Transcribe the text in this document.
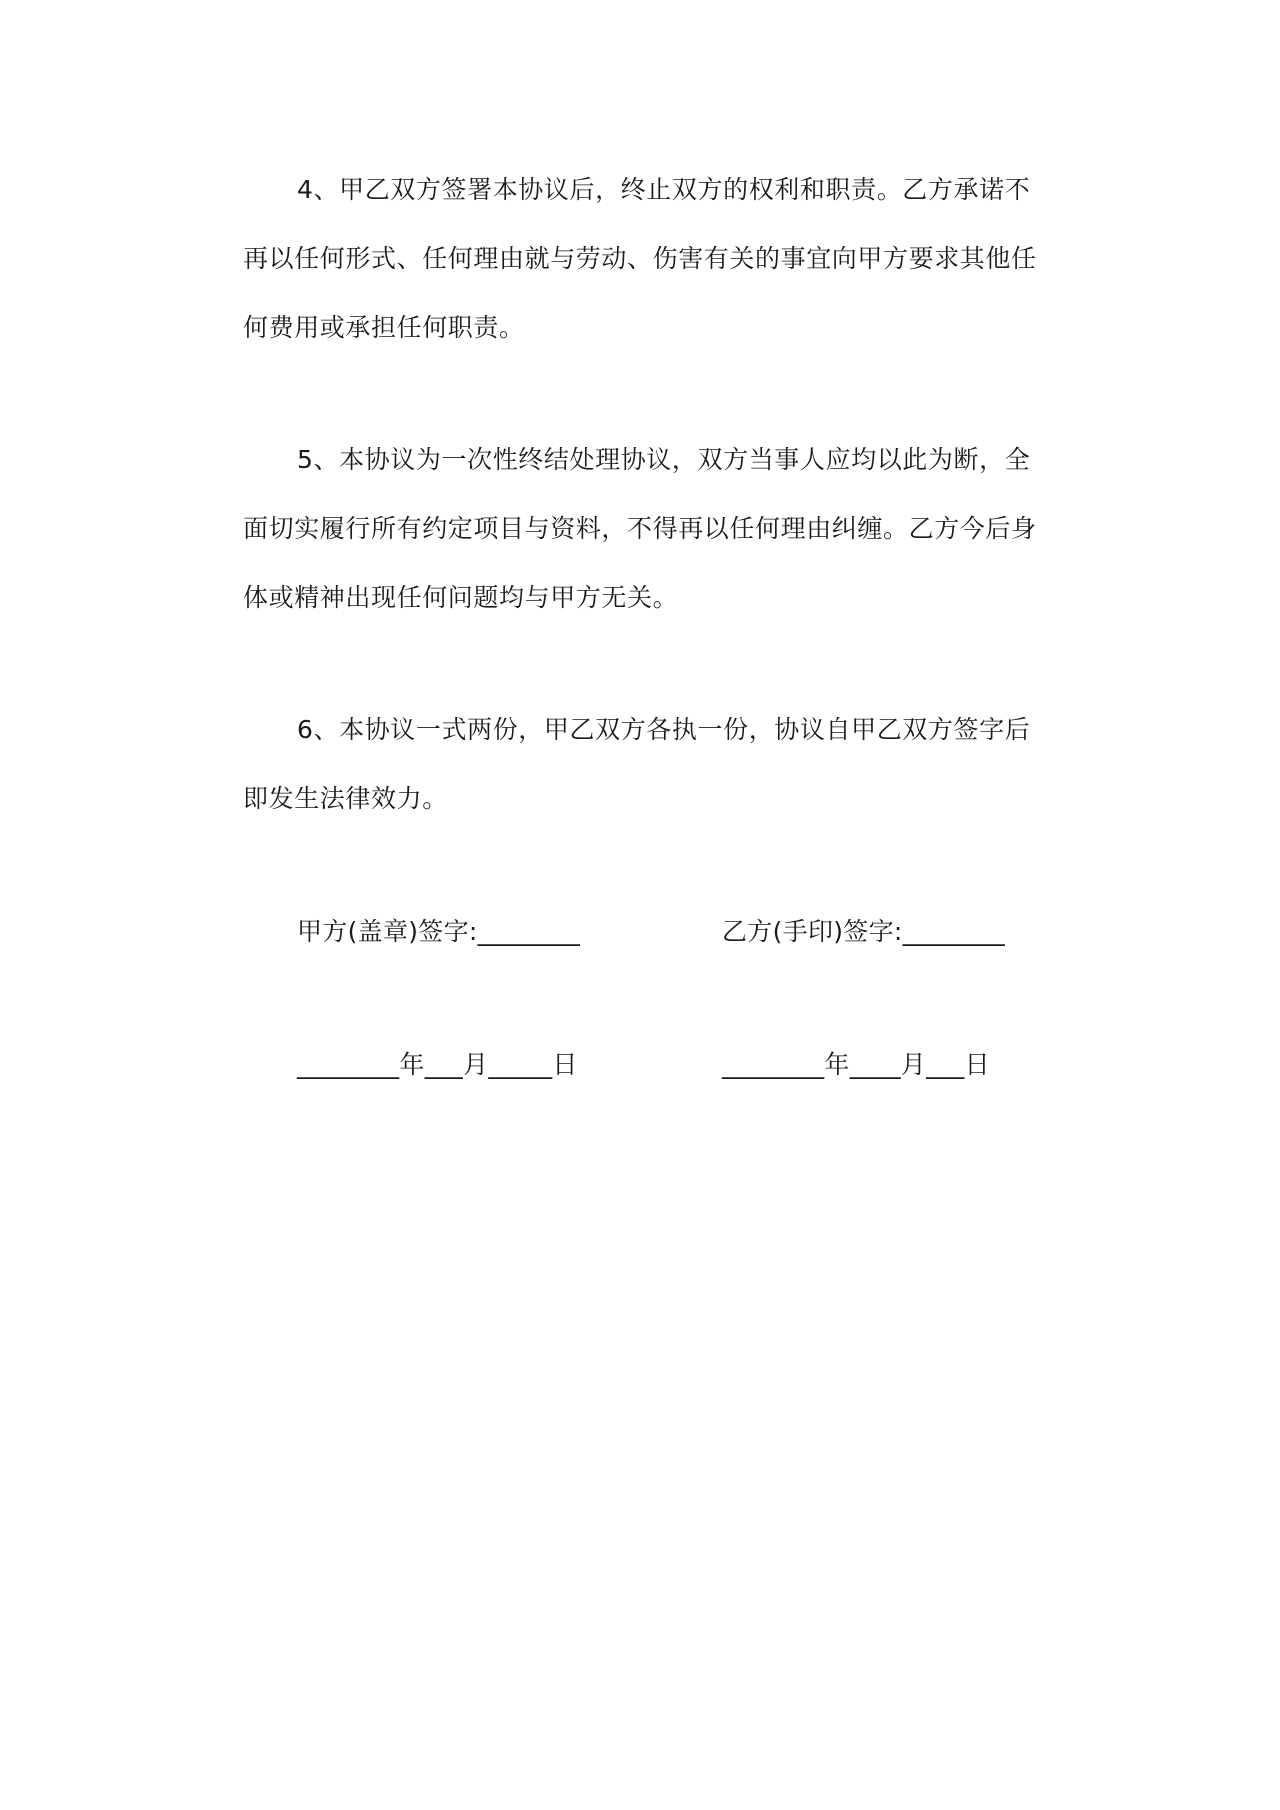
4、甲乙双方签署本协议后，终止双方的权利和职责。乙方承诺不
再以任何形式、任何理由就与劳动、伤害有关的事宜向甲方要求其他任
何费用或承担任何职责。

5、本协议为一次性终结处理协议，双方当事人应均以此为断，全
面切实履行所有约定项目与资料，不得再以任何理由纠缠。乙方今后身
体或精神出现任何问题均与甲方无关。

6、本协议一式两份，甲乙双方各执一份，协议自甲乙双方签字后
即发生法律效力。

甲方(盖章)签字:________	乙方(手印)签字:________
________年___月_____日	________年____月___日
